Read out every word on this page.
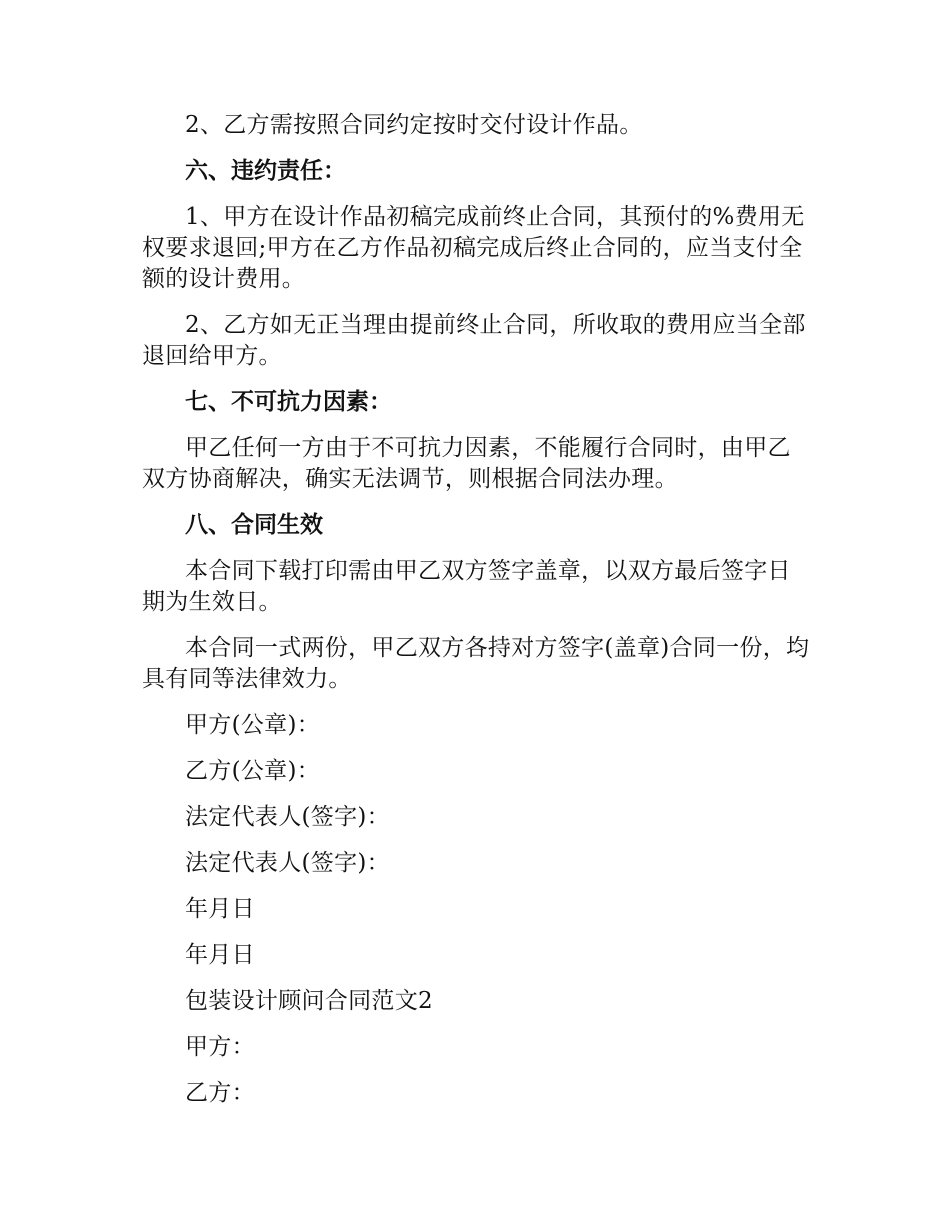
2、乙方需按照合同约定按时交付设计作品。

六、违约责任：

1、甲方在设计作品初稿完成前终止合同，其预付的%费用无权要求退回;甲方在乙方作品初稿完成后终止合同的，应当支付全额的设计费用。

2、乙方如无正当理由提前终止合同，所收取的费用应当全部退回给甲方。

七、不可抗力因素：

甲乙任何一方由于不可抗力因素，不能履行合同时，由甲乙双方协商解决，确实无法调节，则根据合同法办理。

八、合同生效

本合同下载打印需由甲乙双方签字盖章，以双方最后签字日期为生效日。

本合同一式两份，甲乙双方各持对方签字(盖章)合同一份，均具有同等法律效力。

甲方(公章)：

乙方(公章)：

法定代表人(签字)：

法定代表人(签字)：

年月日

年月日

包装设计顾问合同范文2

甲方：

乙方：
